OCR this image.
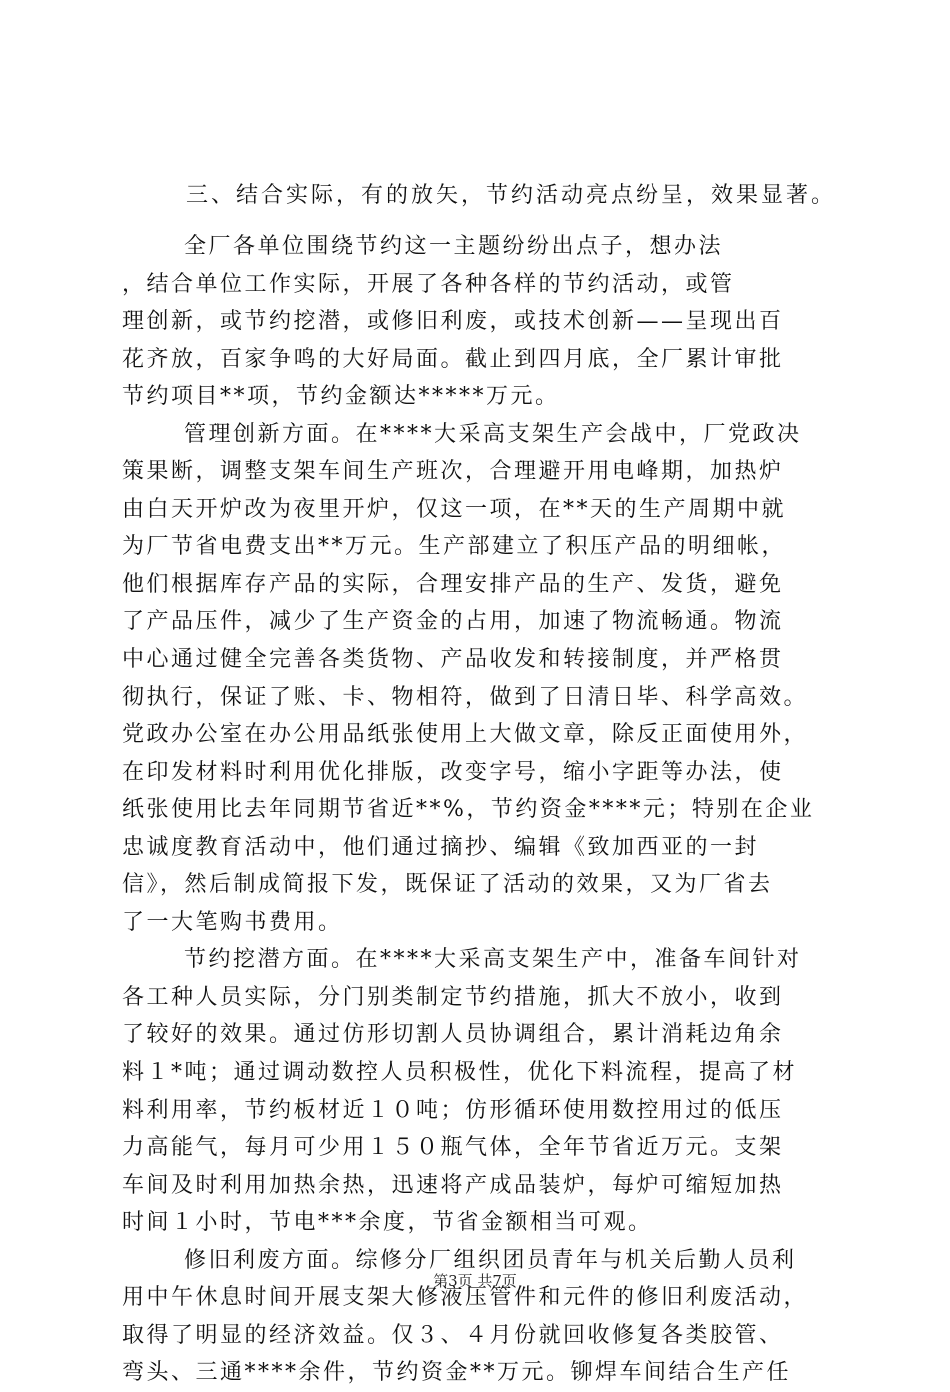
三、结合实际，有的放矢，节约活动亮点纷呈，效果显著。
全厂各单位围绕节约这一主题纷纷出点子，想办法
，结合单位工作实际，开展了各种各样的节约活动，或管
理创新，或节约挖潜，或修旧利废，或技术创新——呈现出百
花齐放，百家争鸣的大好局面。截止到四月底，全厂累计审批
节约项目**项，节约金额达*****万元。
管理创新方面。在****大采高支架生产会战中，厂党政决
策果断，调整支架车间生产班次，合理避开用电峰期，加热炉
由白天开炉改为夜里开炉，仅这一项，在**天的生产周期中就
为厂节省电费支出**万元。生产部建立了积压产品的明细帐，
他们根据库存产品的实际，合理安排产品的生产、发货，避免
了产品压件，减少了生产资金的占用，加速了物流畅通。物流
中心通过健全完善各类货物、产品收发和转接制度，并严格贯
彻执行，保证了账、卡、物相符，做到了日清日毕、科学高效。
党政办公室在办公用品纸张使用上大做文章，除反正面使用外，
在印发材料时利用优化排版，改变字号，缩小字距等办法，使
纸张使用比去年同期节省近**%，节约资金****元；特别在企业
忠诚度教育活动中，他们通过摘抄、编辑《致加西亚的一封
信》，然后制成简报下发，既保证了活动的效果，又为厂省去
了一大笔购书费用。
节约挖潜方面。在****大采高支架生产中，准备车间针对
各工种人员实际，分门别类制定节约措施，抓大不放小，收到
了较好的效果。通过仿形切割人员协调组合，累计消耗边角余
料１*吨；通过调动数控人员积极性，优化下料流程，提高了材
料利用率，节约板材近１０吨；仿形循环使用数控用过的低压
力高能气，每月可少用１５０瓶气体，全年节省近万元。支架
车间及时利用加热余热，迅速将产成品装炉，每炉可缩短加热
时间１小时，节电***余度，节省金额相当可观。
修旧利废方面。综修分厂组织团员青年与机关后勤人员利
用中午休息时间开展支架大修液压管件和元件的修旧利废活动，
取得了明显的经济效益。仅３、４月份就回收修复各类胶管、
弯头、三通****余件，节约资金**万元。铆焊车间结合生产任
第3页 共7页
